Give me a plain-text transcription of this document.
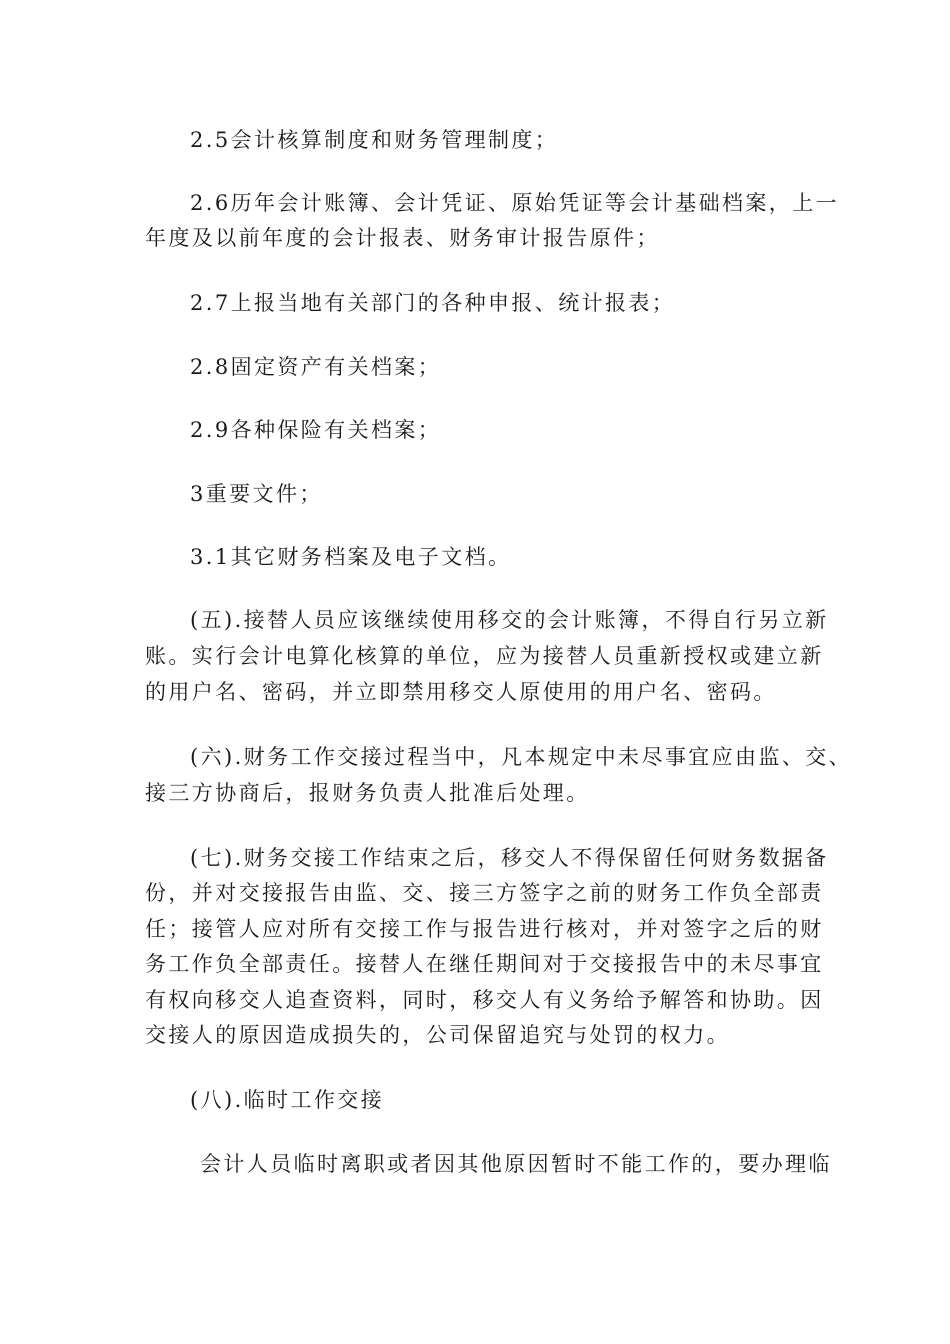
2.5会计核算制度和财务管理制度；
2.6历年会计账簿、会计凭证、原始凭证等会计基础档案，上一
年度及以前年度的会计报表、财务审计报告原件；
2.7上报当地有关部门的各种申报、统计报表；
2.8固定资产有关档案；
2.9各种保险有关档案；
3重要文件；
3.1其它财务档案及电子文档。
(五).接替人员应该继续使用移交的会计账簿，不得自行另立新
账。实行会计电算化核算的单位，应为接替人员重新授权或建立新
的用户名、密码，并立即禁用移交人原使用的用户名、密码。
(六).财务工作交接过程当中，凡本规定中未尽事宜应由监、交、
接三方协商后，报财务负责人批准后处理。
(七).财务交接工作结束之后，移交人不得保留任何财务数据备
份，并对交接报告由监、交、接三方签字之前的财务工作负全部责
任；接管人应对所有交接工作与报告进行核对，并对签字之后的财
务工作负全部责任。接替人在继任期间对于交接报告中的未尽事宜
有权向移交人追查资料，同时，移交人有义务给予解答和协助。因
交接人的原因造成损失的，公司保留追究与处罚的权力。
(八).临时工作交接
会计人员临时离职或者因其他原因暂时不能工作的，要办理临
